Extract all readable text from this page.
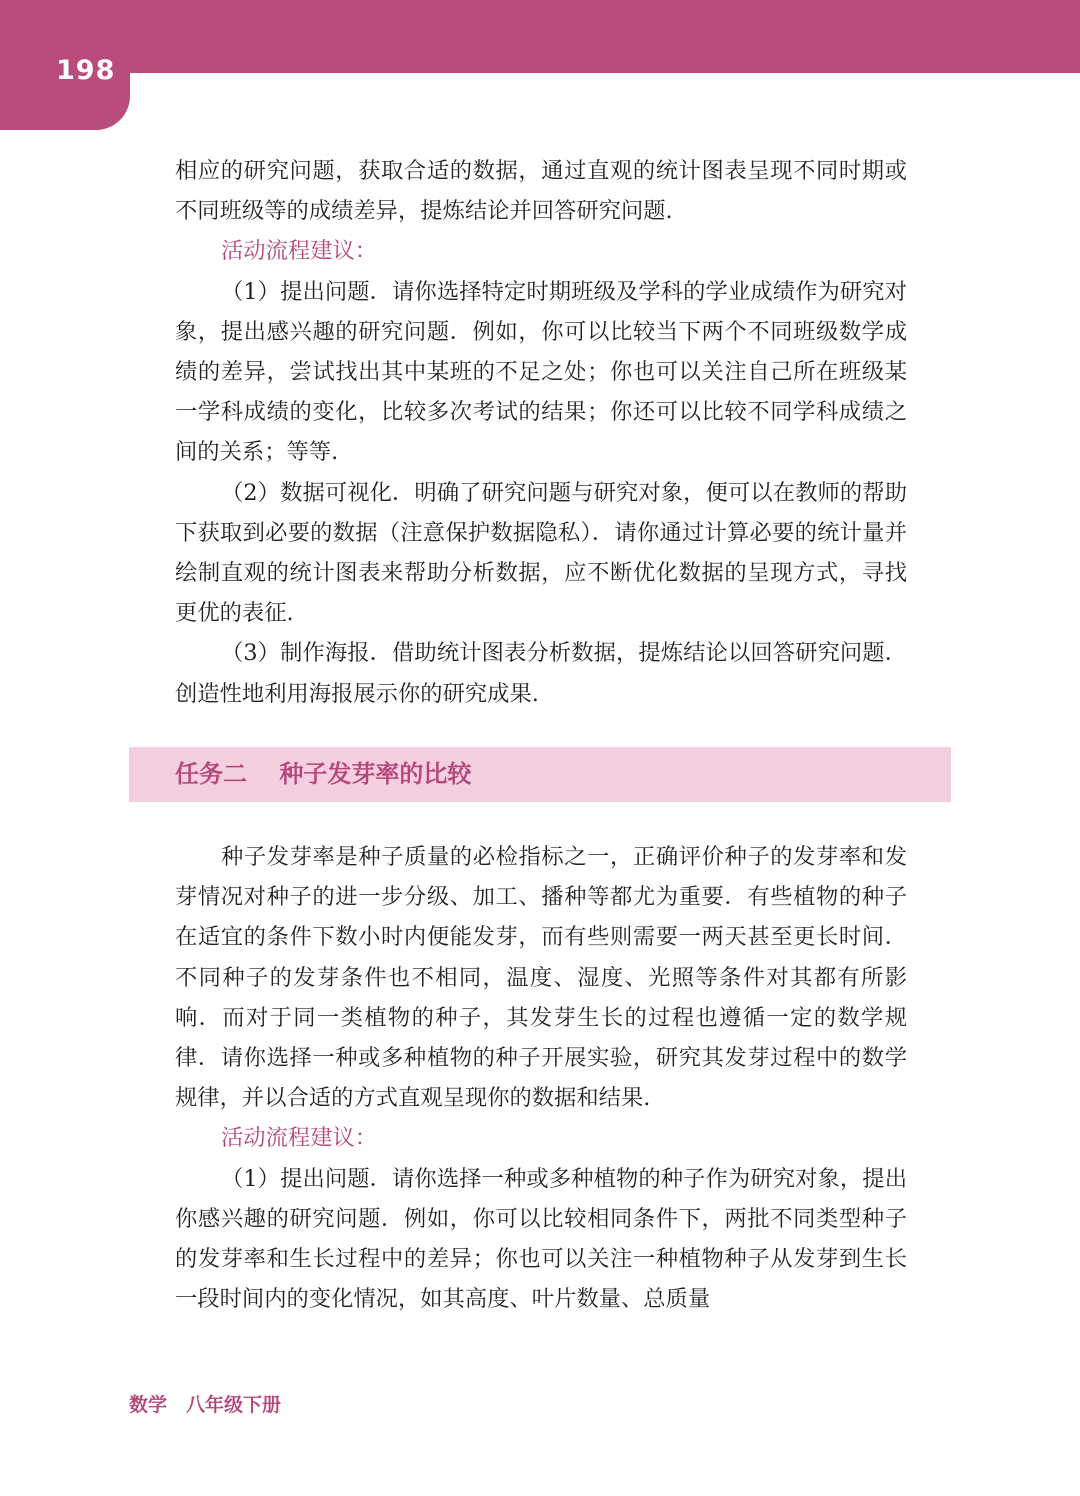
198

相应的研究问题，获取合适的数据，通过直观的统计图表呈现不同时期或不同班级等的成绩差异，提炼结论并回答研究问题.

活动流程建议：

（1）提出问题．请你选择特定时期班级及学科的学业成绩作为研究对象，提出感兴趣的研究问题．例如，你可以比较当下两个不同班级数学成绩的差异，尝试找出其中某班的不足之处；你也可以关注自己所在班级某一学科成绩的变化，比较多次考试的结果；你还可以比较不同学科成绩之间的关系；等等.

（2）数据可视化．明确了研究问题与研究对象，便可以在教师的帮助下获取到必要的数据（注意保护数据隐私）．请你通过计算必要的统计量并绘制直观的统计图表来帮助分析数据，应不断优化数据的呈现方式，寻找更优的表征.

（3）制作海报．借助统计图表分析数据，提炼结论以回答研究问题．创造性地利用海报展示你的研究成果.

任务二　 种子发芽率的比较

种子发芽率是种子质量的必检指标之一，正确评价种子的发芽率和发芽情况对种子的进一步分级、加工、播种等都尤为重要．有些植物的种子在适宜的条件下数小时内便能发芽，而有些则需要一两天甚至更长时间．不同种子的发芽条件也不相同，温度、湿度、光照等条件对其都有所影响．而对于同一类植物的种子，其发芽生长的过程也遵循一定的数学规律．请你选择一种或多种植物的种子开展实验，研究其发芽过程中的数学规律，并以合适的方式直观呈现你的数据和结果.

活动流程建议：

（1）提出问题．请你选择一种或多种植物的种子作为研究对象，提出你感兴趣的研究问题．例如，你可以比较相同条件下，两批不同类型种子的发芽率和生长过程中的差异；你也可以关注一种植物种子从发芽到生长一段时间内的变化情况，如其高度、叶片数量、总质量

数学　八年级下册
